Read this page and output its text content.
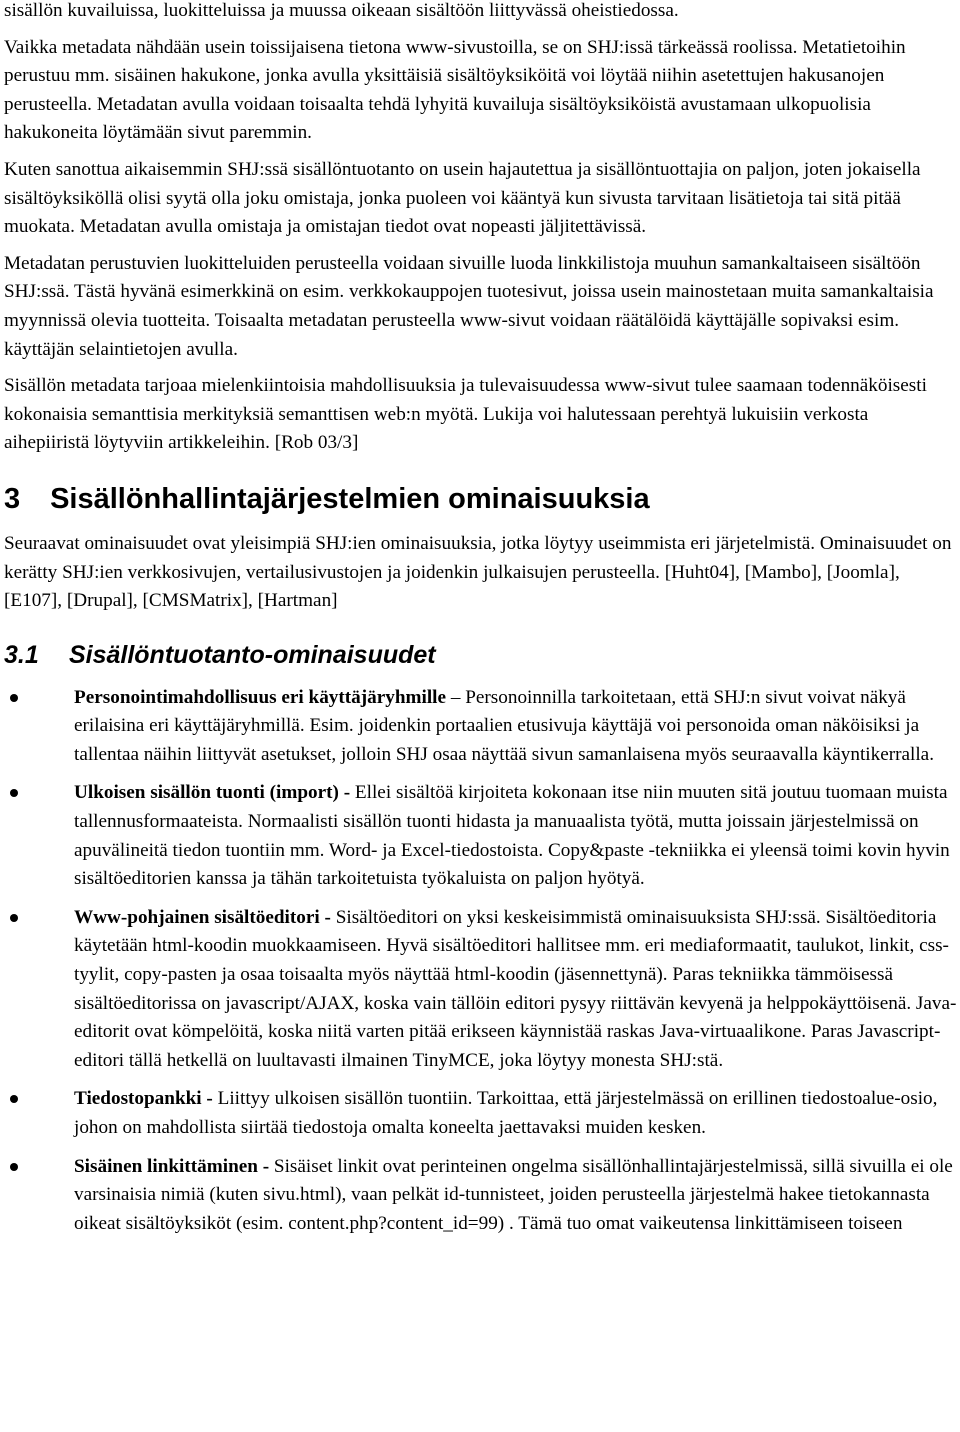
sisällön kuvailuissa, luokitteluissa ja muussa oikeaan sisältöön liittyvässä oheistiedossa.

Vaikka metadata nähdään usein toissijaisena tietona www-sivustoilla, se on SHJ:issä tärkeässä roolissa. Metatietoihin perustuu mm. sisäinen hakukone, jonka avulla yksittäisiä sisältöyksiköitä voi löytää niihin asetettujen hakusanojen perusteella. Metadatan avulla voidaan toisaalta tehdä lyhyitä kuvailuja sisältöyksiköistä avustamaan ulkopuolisia hakukoneita löytämään sivut paremmin.

Kuten sanottua aikaisemmin SHJ:ssä sisällöntuotanto on usein hajautettua ja sisällöntuottajia on paljon, joten jokaisella sisältöyksiköllä olisi syytä olla joku omistaja, jonka puoleen voi kääntyä kun sivusta tarvitaan lisätietoja tai sitä pitää muokata. Metadatan avulla omistaja ja omistajan tiedot ovat nopeasti jäljitettävissä.

Metadatan perustuvien luokitteluiden perusteella voidaan sivuille luoda linkkilistoja muuhun samankaltaiseen sisältöön SHJ:ssä. Tästä hyvänä esimerkkinä on esim. verkkokauppojen tuotesivut, joissa usein mainostetaan muita samankaltaisia myynnissä olevia tuotteita. Toisaalta metadatan perusteella www-sivut voidaan räätälöidä käyttäjälle sopivaksi esim. käyttäjän selaintietojen avulla.

Sisällön metadata tarjoaa mielenkiintoisia mahdollisuuksia ja tulevaisuudessa www-sivut tulee saamaan todennäköisesti kokonaisia semanttisia merkityksiä semanttisen web:n myötä. Lukija voi halutessaan perehtyä lukuisiin verkosta aihepiiristä löytyviin artikkeleihin. [Rob 03/3]

3 Sisällönhallintajärjestelmien ominaisuuksia

Seuraavat ominaisuudet ovat yleisimpiä SHJ:ien ominaisuuksia, jotka löytyy useimmista eri järjetelmistä. Ominaisuudet on kerätty SHJ:ien verkkosivujen, vertailusivustojen ja joidenkin julkaisujen perusteella. [Huht04], [Mambo], [Joomla], [E107], [Drupal], [CMSMatrix], [Hartman]

3.1 Sisällöntuotanto-ominaisuudet
Personointimahdollisuus eri käyttäjäryhmille – Personoinnilla tarkoitetaan, että SHJ:n sivut voivat näkyä erilaisina eri käyttäjäryhmillä. Esim. joidenkin portaalien etusivuja käyttäjä voi personoida oman näköisiksi ja tallentaa näihin liittyvät asetukset, jolloin SHJ osaa näyttää sivun samanlaisena myös seuraavalla käyntikerralla.
Ulkoisen sisällön tuonti (import) - Ellei sisältöä kirjoiteta kokonaan itse niin muuten sitä joutuu tuomaan muista tallennusformaateista. Normaalisti sisällön tuonti hidasta ja manuaalista työtä, mutta joissain järjestelmissä on apuvälineitä tiedon tuontiin mm. Word- ja Excel-tiedostoista. Copy&paste -tekniikka ei yleensä toimi kovin hyvin sisältöeditorien kanssa ja tähän tarkoitetuista työkaluista on paljon hyötyä.
Www-pohjainen sisältöeditori - Sisältöeditori on yksi keskeisimmistä ominaisuuksista SHJ:ssä. Sisältöeditoria käytetään html-koodin muokkaamiseen. Hyvä sisältöeditori hallitsee mm. eri mediaformaatit, taulukot, linkit, css-tyylit, copy-pasten ja osaa toisaalta myös näyttää html-koodin (jäsennettynä). Paras tekniikka tämmöisessä sisältöeditorissa on javascript/AJAX, koska vain tällöin editori pysyy riittävän kevyenä ja helppokäyttöisenä. Java-editorit ovat kömpelöitä, koska niitä varten pitää erikseen käynnistää raskas Java-virtuaalikone. Paras Javascript-editori tällä hetkellä on luultavasti ilmainen TinyMCE, joka löytyy monesta SHJ:stä.
Tiedostopankki - Liittyy ulkoisen sisällön tuontiin. Tarkoittaa, että järjestelmässä on erillinen tiedostoalue-osio, johon on mahdollista siirtää tiedostoja omalta koneelta jaettavaksi muiden kesken.
Sisäinen linkittäminen - Sisäiset linkit ovat perinteinen ongelma sisällönhallintajärjestelmissä, sillä sivuilla ei ole varsinaisia nimiä (kuten sivu.html), vaan pelkät id-tunnisteet, joiden perusteella järjestelmä hakee tietokannasta oikeat sisältöyksiköt (esim. content.php?content_id=99) . Tämä tuo omat vaikeutensa linkittämiseen toiseen
